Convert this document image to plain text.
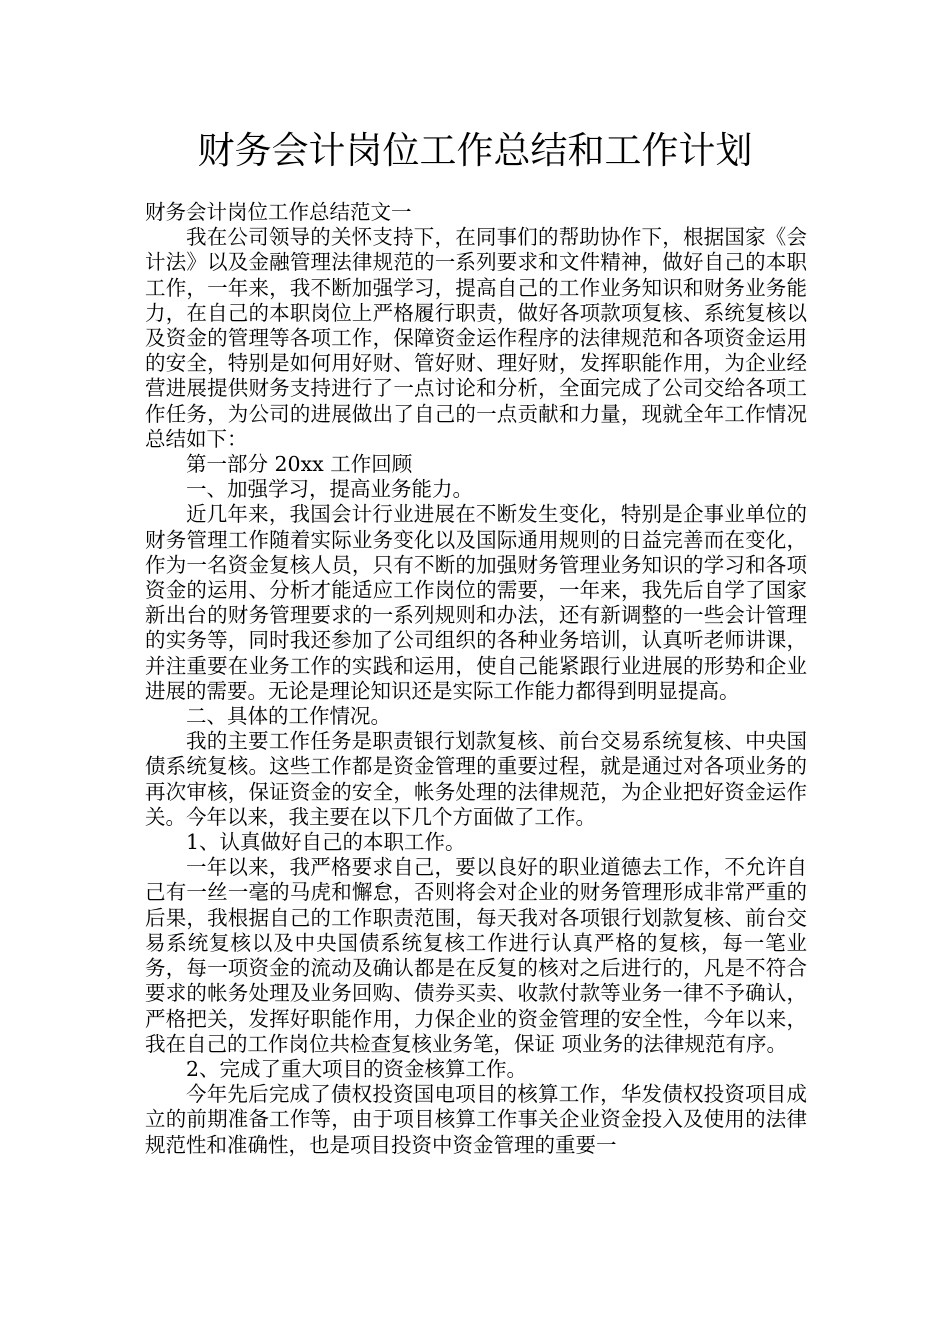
财务会计岗位工作总结和工作计划

财务会计岗位工作总结范文一

我在公司领导的关怀支持下，在同事们的帮助协作下，根据国家《会计法》以及金融管理法律规范的一系列要求和文件精神，做好自己的本职工作，一年来，我不断加强学习，提高自己的工作业务知识和财务业务能力，在自己的本职岗位上严格履行职责，做好各项款项复核、系统复核以及资金的管理等各项工作，保障资金运作程序的法律规范和各项资金运用的安全，特别是如何用好财、管好财、理好财，发挥职能作用，为企业经营进展提供财务支持进行了一点讨论和分析，全面完成了公司交给各项工作任务，为公司的进展做出了自己的一点贡献和力量，现就全年工作情况总结如下：

第一部分 20xx 工作回顾

一、加强学习，提高业务能力。

近几年来，我国会计行业进展在不断发生变化，特别是企事业单位的财务管理工作随着实际业务变化以及国际通用规则的日益完善而在变化，作为一名资金复核人员，只有不断的加强财务管理业务知识的学习和各项资金的运用、分析才能适应工作岗位的需要，一年来，我先后自学了国家新出台的财务管理要求的一系列规则和办法，还有新调整的一些会计管理的实务等，同时我还参加了公司组织的各种业务培训，认真听老师讲课，并注重要在业务工作的实践和运用，使自己能紧跟行业进展的形势和企业进展的需要。无论是理论知识还是实际工作能力都得到明显提高。

二、具体的工作情况。

我的主要工作任务是职责银行划款复核、前台交易系统复核、中央国债系统复核。这些工作都是资金管理的重要过程，就是通过对各项业务的再次审核，保证资金的安全，帐务处理的法律规范，为企业把好资金运作关。今年以来，我主要在以下几个方面做了工作。

1、认真做好自己的本职工作。

一年以来，我严格要求自己，要以良好的职业道德去工作，不允许自己有一丝一毫的马虎和懈怠，否则将会对企业的财务管理形成非常严重的后果，我根据自己的工作职责范围，每天我对各项银行划款复核、前台交易系统复核以及中央国债系统复核工作进行认真严格的复核，每一笔业务，每一项资金的流动及确认都是在反复的核对之后进行的，凡是不符合要求的帐务处理及业务回购、债券买卖、收款付款等业务一律不予确认，严格把关，发挥好职能作用，力保企业的资金管理的安全性，今年以来，我在自己的工作岗位共检查复核业务笔，保证 项业务的法律规范有序。

2、完成了重大项目的资金核算工作。

今年先后完成了债权投资国电项目的核算工作，华发债权投资项目成立的前期准备工作等，由于项目核算工作事关企业资金投入及使用的法律规范性和准确性，也是项目投资中资金管理的重要一
